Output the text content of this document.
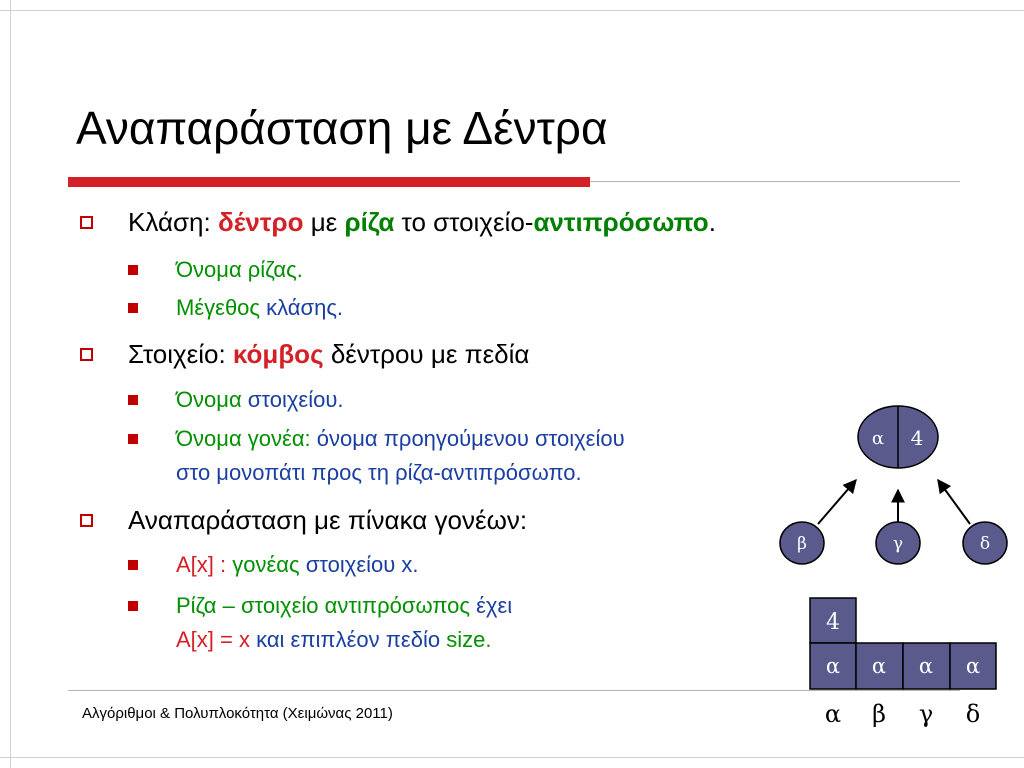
Αναπαράσταση με Δέντρα
Κλάση: δέντρο με ρίζα το στοιχείο-αντιπρόσωπο.
Όνομα ρίζας.
Μέγεθος κλάσης.
Στοιχείο: κόμβος δέντρου με πεδία
Όνομα στοιχείου.
Όνομα γονέα: όνομα προηγούμενου στοιχείου
στο μονοπάτι προς τη ρίζα-αντιπρόσωπο.
Αναπαράσταση με πίνακα γονέων:
A[x] : γονέας στοιχείου x.
Ρίζα – στοιχείο αντιπρόσωπος έχει
A[x] = x και επιπλέον πεδίο size.
α 4
β	γ	δ
4
α α α α
α β γ δ
Αλγόριθμοι & Πολυπλοκότητα (Χειμώνας 2011)
